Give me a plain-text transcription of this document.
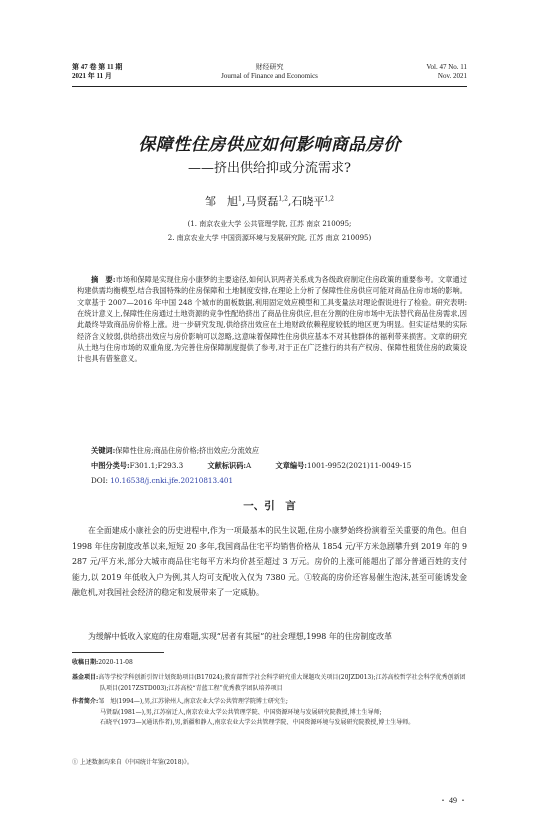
第 47 卷 第 11 期
2021 年 11 月
财经研究
Journal of Finance and Economics
Vol. 47 No. 11
Nov. 2021
保障性住房供应如何影响商品房价
——挤出供给抑或分流需求?
邹　旭$^1$,马贤磊$^{1,2}$,石晓平$^{1,2}$
(1. 南京农业大学 公共管理学院, 江苏 南京 210095;
2. 南京农业大学 中国资源环境与发展研究院, 江苏 南京 210095)
摘　要:市场和保障是实现住房小康梦的主要途径,如何认识两者关系成为各级政府制定住房政策的重要参考。文章通过构建供需均衡模型,结合我国特殊的住房保障和土地制度安排,在理论上分析了保障性住房供应可能对商品住房市场的影响。文章基于 2007—2016 年中国 248 个城市的面板数据,利用固定效应模型和工具变量法对理论假说进行了检验。研究表明:在统计意义上,保障性住房通过土地资源的竞争性配给挤出了商品住房供应,但在分割的住房市场中无法替代商品住房需求,因此最终导致商品房价格上涨。进一步研究发现,供给挤出效应在土地财政依赖程度较低的地区更为明显。但实证结果的实际经济含义较弱,供给挤出效应与房价影响可以忽略,这意味着保障性住房供应基本不对其他群体的福利带来损害。文章的研究从土地与住房市场的双重角度,为完善住房保障制度提供了参考,对于正在广泛推行的共有产权房、保障性租赁住房的政策设计也具有借鉴意义。
关键词:保障性住房;商品住房价格;挤出效应;分流效应
中图分类号:F301.1;F293.3	文献标识码:A	文章编号:1001-9952(2021)11-0049-15
DOI: 10.16538/j.cnki.jfe.20210813.401
一、引　言
在全面建成小康社会的历史进程中,作为一项最基本的民生议题,住房小康梦始终扮演着至关重要的角色。但自 1998 年住房制度改革以来,短短 20 多年,我国商品住宅平均销售价格从 1854 元/平方米急剧攀升到 2019 年的 9 287 元/平方米,部分大城市商品住宅每平方米均价甚至超过 3 万元。房价的上涨可能超出了部分普通百姓的支付能力,以 2019 年低收入户为例,其人均可支配收入仅为 7380 元。①较高的房价还容易催生泡沫,甚至可能诱发金融危机,对我国社会经济的稳定和发展带来了一定威胁。
为缓解中低收入家庭的住房难题,实现“居者有其屋”的社会理想,1998 年的住房制度改革
收稿日期:2020-11-08
基金项目:高等学校学科创新引智计划资助项目(B17024);教育部哲学社会科学研究重大课题攻关项目(20JZD013);江苏高校哲学社会科学优秀创新团队项目(2017ZSTD003);江苏高校“青蓝工程”优秀教学团队培养项目
作者简介:邹　旭(1994—),男,江苏徐州人,南京农业大学公共管理学院博士研究生;
马贤磊(1981—),男,江苏宿迁人,南京农业大学公共管理学院、中国资源环境与发展研究院教授,博士生导师;
石晓平(1973—)(通讯作者),男,新疆和静人,南京农业大学公共管理学院、中国资源环境与发展研究院教授,博士生导师。
① 上述数据均来自《中国统计年鉴(2018)》。
・ 49 ・
